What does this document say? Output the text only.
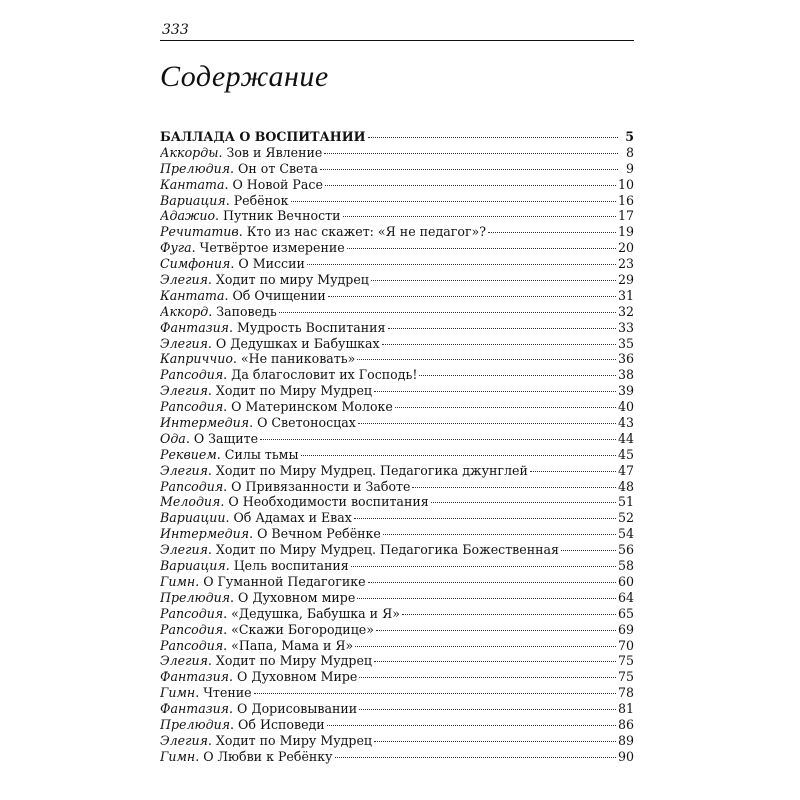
333
Содержание
БАЛЛАДА О ВОСПИТАНИИ	5
Аккорды. Зов и Явление	8
Прелюдия. Он от Света	9
Кантата. О Новой Расе	10
Вариация. Ребёнок	16
Адажио. Путник Вечности	17
Речитатив. Кто из нас скажет: «Я не педагог»?	19
Фуга. Четвёртое измерение	20
Симфония. О Миссии	23
Элегия. Ходит по миру Мудрец	29
Кантата. Об Очищении	31
Аккорд. Заповедь	32
Фантазия. Мудрость Воспитания	33
Элегия. О Дедушках и Бабушках	35
Каприччио. «Не паниковать»	36
Рапсодия. Да благословит их Господь!	38
Элегия. Ходит по Миру Мудрец	39
Рапсодия. О Материнском Молоке	40
Интермедия. О Светоносцах	43
Ода. О Защите	44
Реквием. Силы тьмы	45
Элегия. Ходит по Миру Мудрец. Педагогика джунглей	47
Рапсодия. О Привязанности и Заботе	48
Мелодия. О Необходимости воспитания	51
Вариации. Об Адамах и Евах	52
Интермедия. О Вечном Ребёнке	54
Элегия. Ходит по Миру Мудрец. Педагогика Божественная	56
Вариация. Цель воспитания	58
Гимн. О Гуманной Педагогике	60
Прелюдия. О Духовном мире	64
Рапсодия. «Дедушка, Бабушка и Я»	65
Рапсодия. «Скажи Богородице»	69
Рапсодия. «Папа, Мама и Я»	70
Элегия. Ходит по Миру Мудрец	75
Фантазия. О Духовном Мире	75
Гимн. Чтение	78
Фантазия. О Дорисовывании	81
Прелюдия. Об Исповеди	86
Элегия. Ходит по Миру Мудрец	89
Гимн. О Любви к Ребёнку	90
